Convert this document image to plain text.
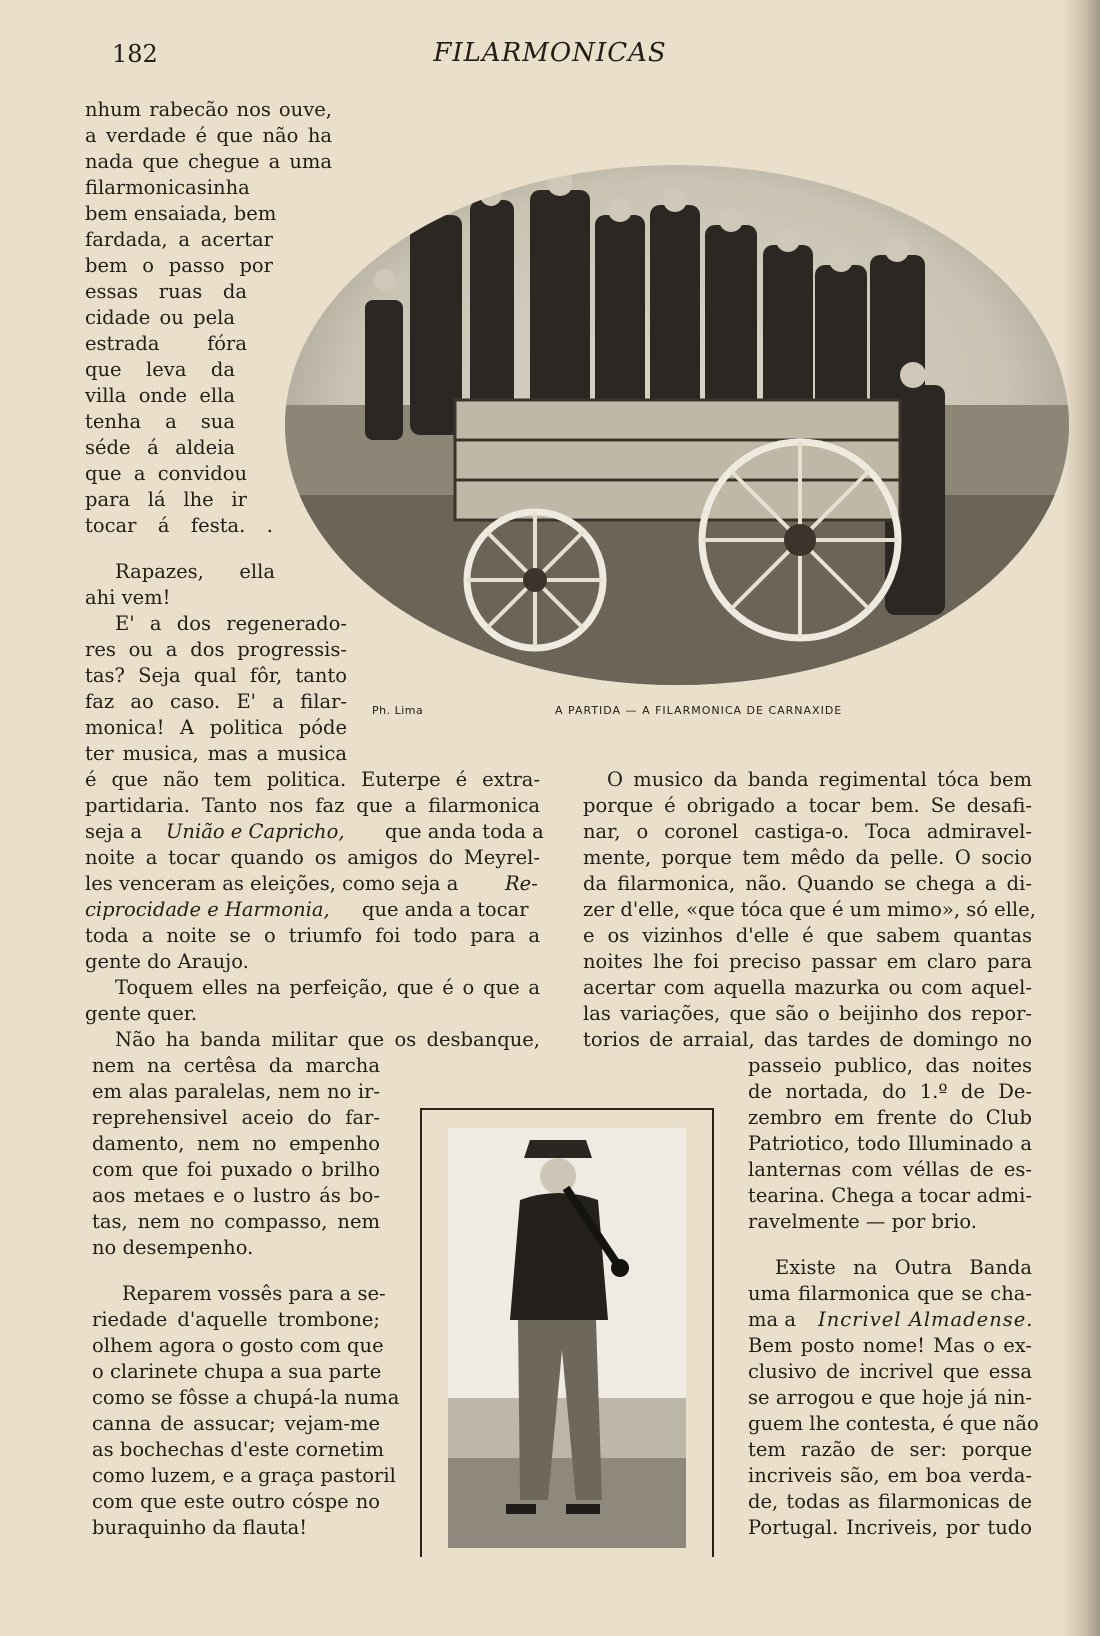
182	FILARMONICAS
Ph. Lima	A PARTIDA — A FILARMONICA DE CARNAXIDE
nhum rabecão nos ouve,
a verdade é que não ha
nada que chegue a uma
filarmonicasinha
bem ensaiada, bem
fardada, a acertar
bem o passo por
essas ruas da
cidade ou pela
estrada fóra
que leva da
villa onde ella
tenha a sua
séde á aldeia
que a convidou
para lá lhe ir
tocar á festa. .
Rapazes, ella
ahi vem!
E' a dos regenerado-
res ou a dos progressis-
tas? Seja qual fôr, tanto
faz ao caso. E' a filar-
monica! A politica póde
ter musica, mas a musica
é que não tem politica. Euterpe é extra-
partidaria. Tanto nos faz que a filarmonica
seja a União e Capricho, que anda toda a
noite a tocar quando os amigos do Meyrel-
les venceram as eleições, como seja a Re-
ciprocidade e Harmonia, que anda a tocar
toda a noite se o triumfo foi todo para a
gente do Araujo.
Toquem elles na perfeição, que é o que a
gente quer.
Não ha banda militar que os desbanque,
nem na certêsa da marcha
em alas paralelas, nem no ir-
reprehensivel aceio do far-
damento, nem no empenho
com que foi puxado o brilho
aos metaes e o lustro ás bo-
tas, nem no compasso, nem
no desempenho.
Reparem vossês para a se-
riedade d'aquelle trombone;
olhem agora o gosto com que
o clarinete chupa a sua parte
como se fôsse a chupá-la numa
canna de assucar; vejam-me
as bochechas d'este cornetim
como luzem, e a graça pastoril
com que este outro cóspe no
buraquinho da flauta!
O musico da banda regimental tóca bem
porque é obrigado a tocar bem. Se desafi-
nar, o coronel castiga-o. Toca admiravel-
mente, porque tem mêdo da pelle. O socio
da filarmonica, não. Quando se chega a di-
zer d'elle, «que tóca que é um mimo», só elle,
e os vizinhos d'elle é que sabem quantas
noites lhe foi preciso passar em claro para
acertar com aquella mazurka ou com aquel-
las variações, que são o beijinho dos repor-
torios de arraial, das tardes de domingo no
passeio publico, das noites
de nortada, do 1.º de De-
zembro em frente do Club
Patriotico, todo Illuminado a
lanternas com véllas de es-
tearina. Chega a tocar admi-
ravelmente — por brio.
Existe na Outra Banda
uma filarmonica que se cha-
ma a Incrivel Almadense.
Bem posto nome! Mas o ex-
clusivo de incrivel que essa
se arrogou e que hoje já nin-
guem lhe contesta, é que não
tem razão de ser: porque
incriveis são, em boa verda-
de, todas as filarmonicas de
Portugal. Incriveis, por tudo
